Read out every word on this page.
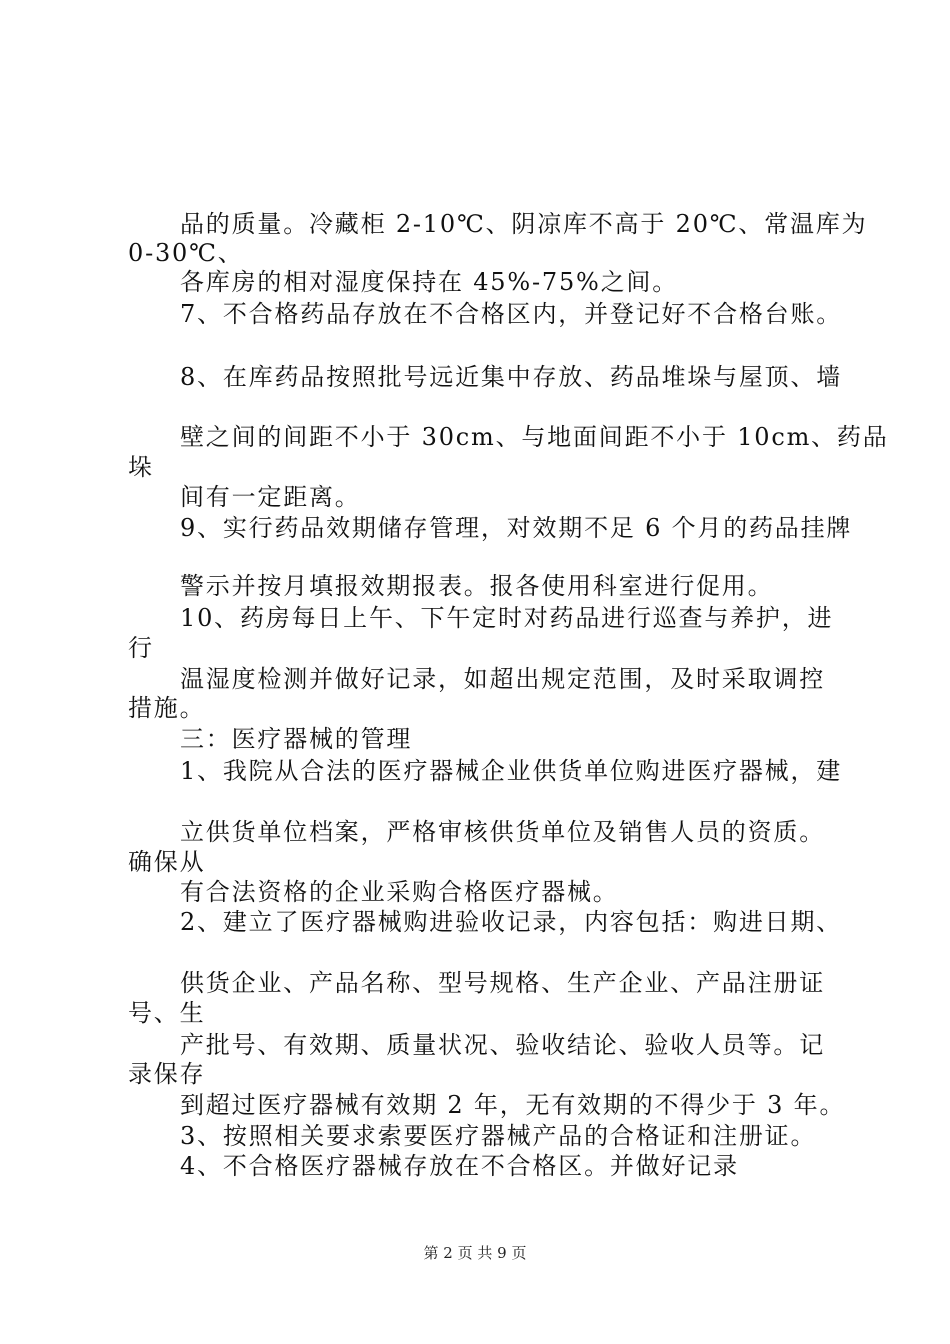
品的质量。冷藏柜 2-10℃、阴凉库不高于 20℃、常温库为
0-30℃、
各库房的相对湿度保持在 45%-75%之间。
7、不合格药品存放在不合格区内，并登记好不合格台账。
8、在库药品按照批号远近集中存放、药品堆垛与屋顶、墙
壁之间的间距不小于 30cm、与地面间距不小于 10cm、药品
垛
间有一定距离。
9、实行药品效期储存管理，对效期不足 6 个月的药品挂牌
警示并按月填报效期报表。报各使用科室进行促用。
10、药房每日上午、下午定时对药品进行巡查与养护，进
行
温湿度检测并做好记录，如超出规定范围，及时采取调控
措施。
三：医疗器械的管理
1、我院从合法的医疗器械企业供货单位购进医疗器械，建
立供货单位档案，严格审核供货单位及销售人员的资质。
确保从
有合法资格的企业采购合格医疗器械。
2、建立了医疗器械购进验收记录，内容包括：购进日期、
供货企业、产品名称、型号规格、生产企业、产品注册证
号、生
产批号、有效期、质量状况、验收结论、验收人员等。记
录保存
到超过医疗器械有效期 2 年，无有效期的不得少于 3 年。
3、按照相关要求索要医疗器械产品的合格证和注册证。
4、不合格医疗器械存放在不合格区。并做好记录
第 2 页 共 9 页
